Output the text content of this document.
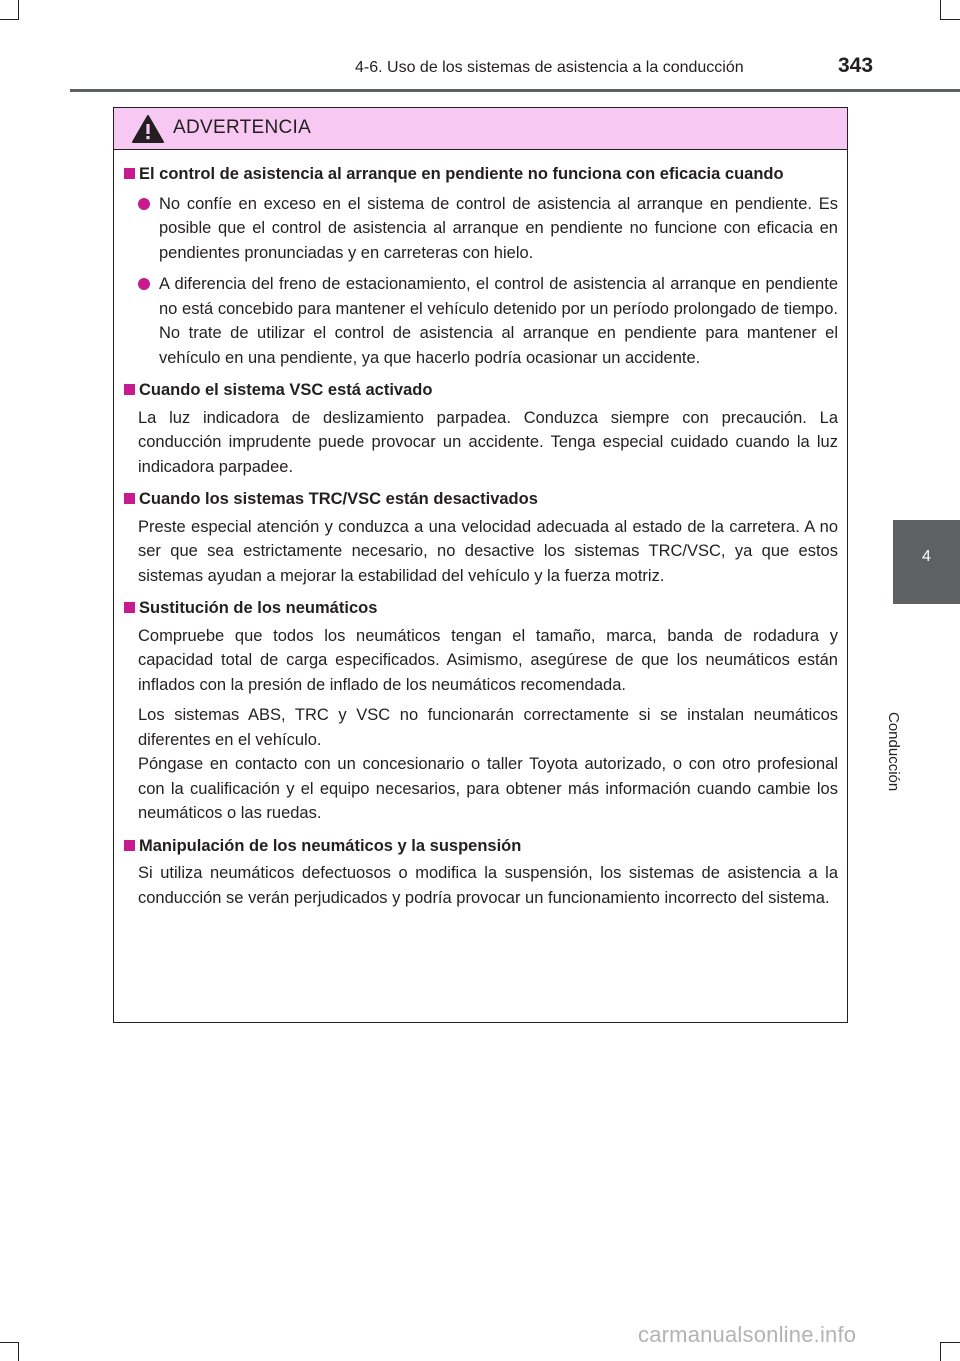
4-6. Uso de los sistemas de asistencia a la conducción	343
4
Conducción
ADVERTENCIA
El control de asistencia al arranque en pendiente no funciona con eficacia cuando
No confíe en exceso en el sistema de control de asistencia al arranque en pendiente. Es posible que el control de asistencia al arranque en pendiente no funcione con eficacia en pendientes pronunciadas y en carreteras con hielo.
A diferencia del freno de estacionamiento, el control de asistencia al arranque en pendiente no está concebido para mantener el vehículo detenido por un período prolongado de tiempo. No trate de utilizar el control de asistencia al arranque en pendiente para mantener el vehículo en una pendiente, ya que hacerlo podría ocasionar un accidente.
Cuando el sistema VSC está activado
La luz indicadora de deslizamiento parpadea. Conduzca siempre con precaución. La conducción imprudente puede provocar un accidente. Tenga especial cuidado cuando la luz indicadora parpadee.
Cuando los sistemas TRC/VSC están desactivados
Preste especial atención y conduzca a una velocidad adecuada al estado de la carretera. A no ser que sea estrictamente necesario, no desactive los sistemas TRC/VSC, ya que estos sistemas ayudan a mejorar la estabilidad del vehículo y la fuerza motriz.
Sustitución de los neumáticos
Compruebe que todos los neumáticos tengan el tamaño, marca, banda de rodadura y capacidad total de carga especificados. Asimismo, asegúrese de que los neumáticos están inflados con la presión de inflado de los neumáticos recomendada.
Los sistemas ABS, TRC y VSC no funcionarán correctamente si se instalan neumáticos diferentes en el vehículo.
Póngase en contacto con un concesionario o taller Toyota autorizado, o con otro profesional con la cualificación y el equipo necesarios, para obtener más información cuando cambie los neumáticos o las ruedas.
Manipulación de los neumáticos y la suspensión
Si utiliza neumáticos defectuosos o modifica la suspensión, los sistemas de asistencia a la conducción se verán perjudicados y podría provocar un funcionamiento incorrecto del sistema.
carmanualsonline.info
